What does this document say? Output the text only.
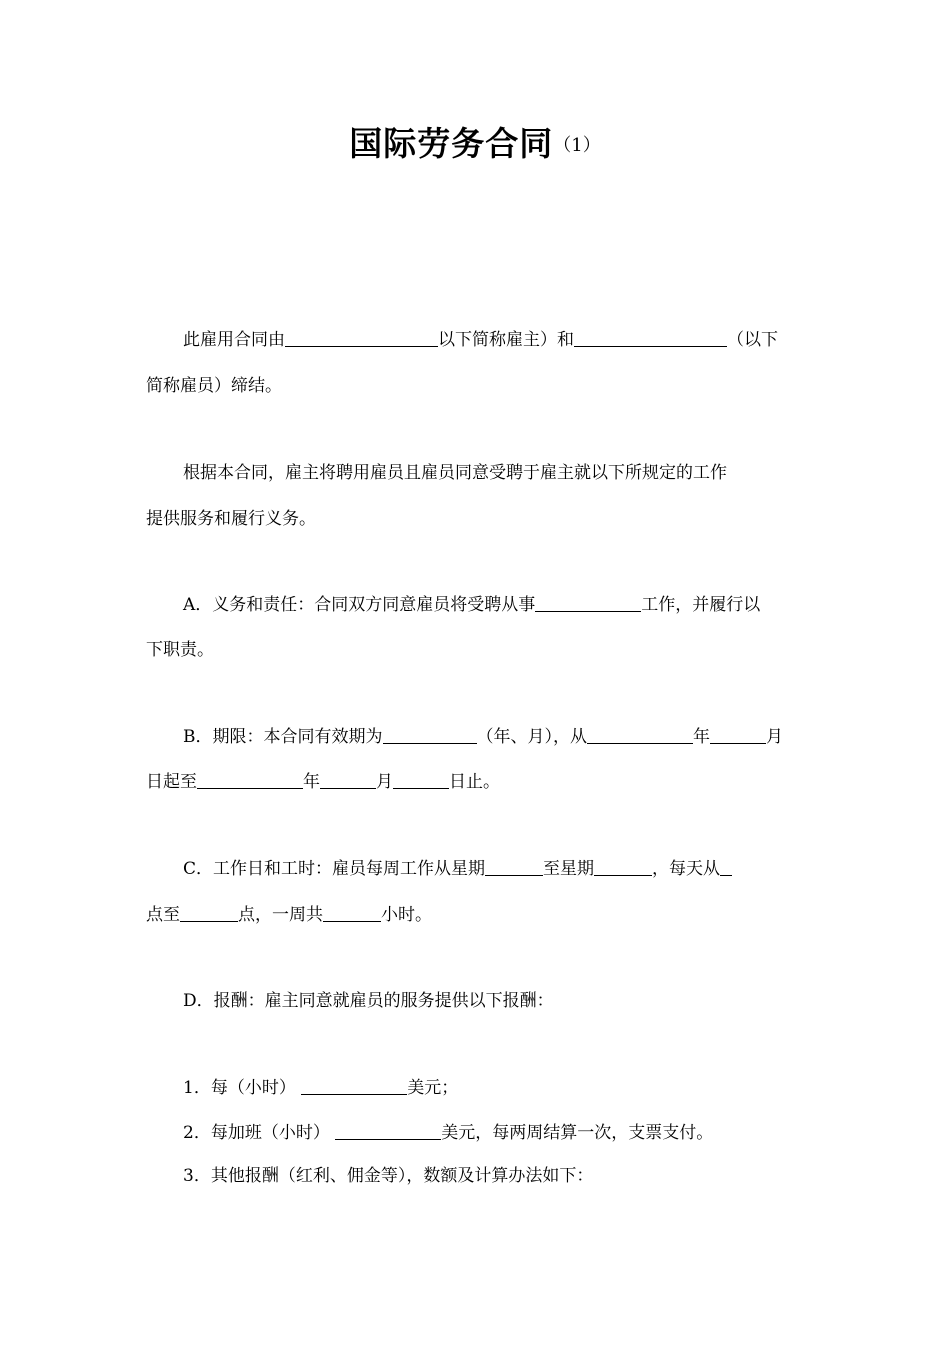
国际劳务合同（1）
此雇用合同由	以下简称雇主）和	（以下
简称雇员）缔结。
根据本合同，雇主将聘用雇员且雇员同意受聘于雇主就以下所规定的工作
提供服务和履行义务。
A．义务和责任：合同双方同意雇员将受聘从事	工作，并履行以
下职责。
B．期限：本合同有效期为	（年、月），从	年	月
日起至	年	月	日止。
C．工作日和工时：雇员每周工作从星期	至星期	，每天从
点至	点，一周共	小时。
D．报酬：雇主同意就雇员的服务提供以下报酬：
1．每（小时）	美元；
2．每加班（小时）	美元，每两周结算一次，支票支付。
3．其他报酬（红利、佣金等），数额及计算办法如下：
